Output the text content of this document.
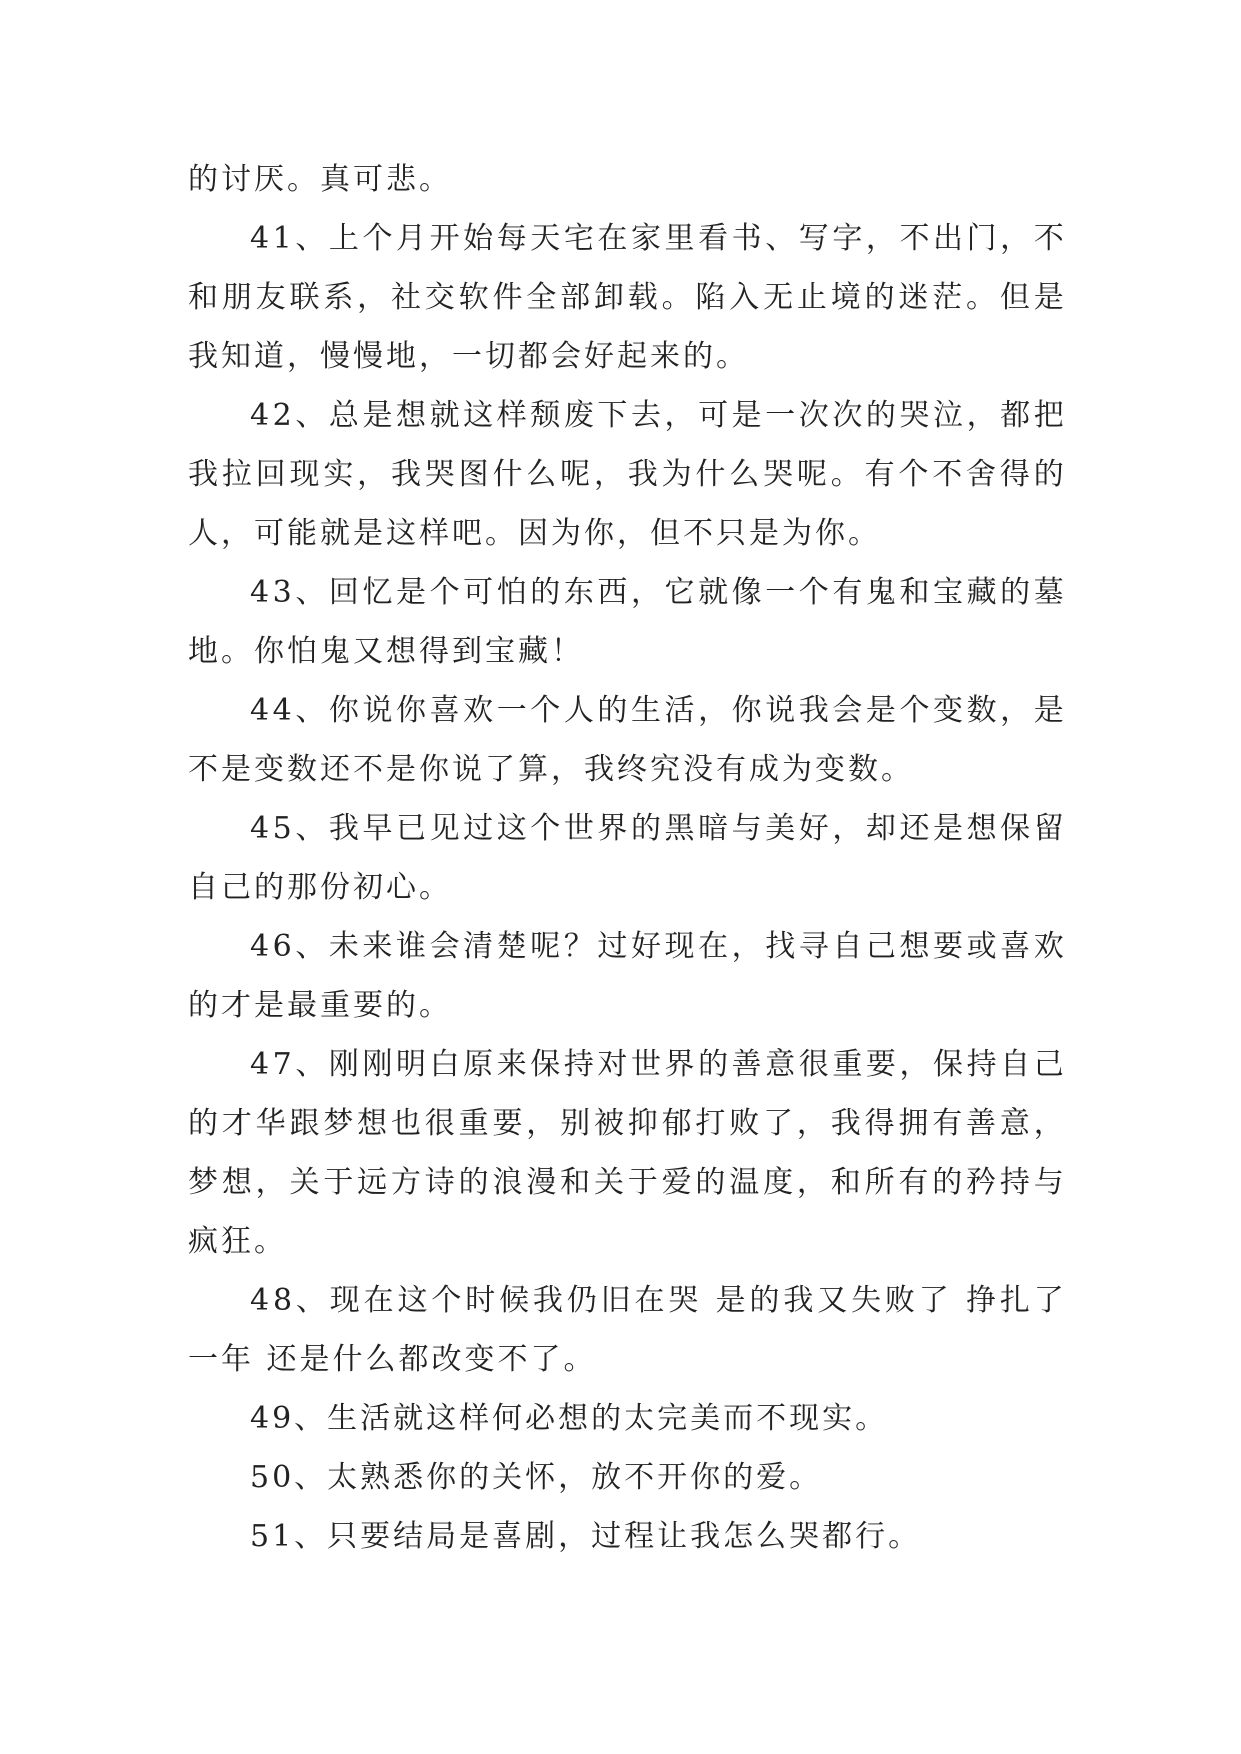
的讨厌。真可悲。
4 1 、 上 个 月 开 始 每 天 宅 在 家 里 看 书 、 写 字 ， 不 出 门 ， 不
和 朋 友 联 系 ， 社 交 软 件 全 部 卸 载 。 陷 入 无 止 境 的 迷 茫 。 但 是
我知道，慢慢地，一切都会好起来的。
4 2 、 总 是 想 就 这 样 颓 废 下 去 ， 可 是 一 次 次 的 哭 泣 ， 都 把
我 拉 回 现 实 ， 我 哭 图 什 么 呢 ， 我 为 什 么 哭 呢 。 有 个 不 舍 得 的
人，可能就是这样吧。因为你，但不只是为你。
4 3 、 回 忆 是 个 可 怕 的 东 西 ， 它 就 像 一 个 有 鬼 和 宝 藏 的 墓
地。你怕鬼又想得到宝藏！
4 4 、 你 说 你 喜 欢 一 个 人 的 生 活 ， 你 说 我 会 是 个 变 数 ， 是
不是变数还不是你说了算，我终究没有成为变数。
4 5 、 我 早 已 见 过 这 个 世 界 的 黑 暗 与 美 好 ， 却 还 是 想 保 留
自己的那份初心。
4 6 、 未 来 谁 会 清 楚 呢 ？ 过 好 现 在 ， 找 寻 自 己 想 要 或 喜 欢
的才是最重要的。
4 7 、 刚 刚 明 白 原 来 保 持 对 世 界 的 善 意 很 重 要 ， 保 持 自 己
的 才 华 跟 梦 想 也 很 重 要 ， 别 被 抑 郁 打 败 了 ， 我 得 拥 有 善 意 ，
梦 想 ， 关 于 远 方 诗 的 浪 漫 和 关 于 爱 的 温 度 ， 和 所 有 的 矜 持 与
疯狂。
4 8 、 现 在 这 个 时 候 我 仍 旧 在 哭
是 的 我 又 失 败 了
挣 扎 了
一年 还是什么都改变不了。
49、生活就这样何必想的太完美而不现实。
50、太熟悉你的关怀，放不开你的爱。
51、只要结局是喜剧，过程让我怎么哭都行。
